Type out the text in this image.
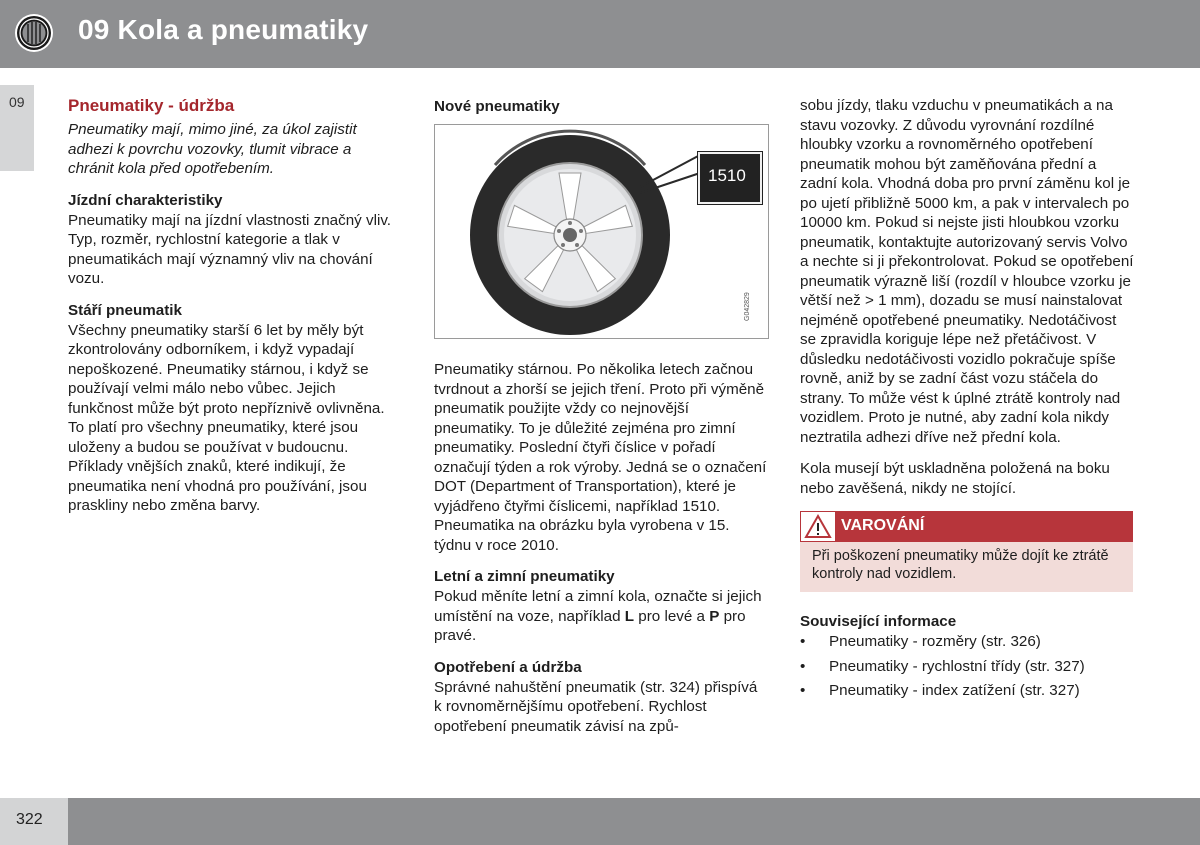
09 Kola a pneumatiky
09	Pneumatiky - údržba

Pneumatiky mají, mimo jiné, za úkol zajistit adhezi k povrchu vozovky, tlumit vibrace a chránit kola před opotřebením.

Jízdní charakteristiky

Pneumatiky mají na jízdní vlastnosti značný vliv. Typ, rozměr, rychlostní kategorie a tlak v pneumatikách mají významný vliv na chování vozu.

Stáří pneumatik

Všechny pneumatiky starší 6 let by měly být zkontrolovány odborníkem, i když vypadají nepoškozené. Pneumatiky stárnou, i když se používají velmi málo nebo vůbec. Jejich funkčnost může být proto nepříznivě ovlivněna. To platí pro všechny pneumatiky, které jsou uloženy a budou se používat v budoucnu. Příklady vnějších znaků, které indikují, že pneumatika není vhodná pro používání, jsou praskliny nebo změna barvy.

Nové pneumatiky
G042829
1510

Pneumatiky stárnou. Po několika letech začnou tvrdnout a zhorší se jejich tření. Proto při výměně pneumatik použijte vždy co nejnovější pneumatiky. To je důležité zejména pro zimní pneumatiky. Poslední čtyři číslice v pořadí označují týden a rok výroby. Jedná se o označení DOT (Department of Transportation), které je vyjádřeno čtyřmi číslicemi, například 1510. Pneumatika na obrázku byla vyrobena v 15. týdnu v roce 2010.

Letní a zimní pneumatiky

Pokud měníte letní a zimní kola, označte si jejich umístění na voze, například L pro levé a P pro pravé.

Opotřebení a údržba

Správné nahuštění pneumatik (str. 324) přispívá k rovnoměrnějšímu opotřebení. Rychlost opotřebení pneumatik závisí na způ-

sobu jízdy, tlaku vzduchu v pneumatikách a na stavu vozovky. Z důvodu vyrovnání rozdílné hloubky vzorku a rovnoměrného opotřebení pneumatik mohou být zaměňována přední a zadní kola. Vhodná doba pro první záměnu kol je po ujetí přibližně 5000 km, a pak v intervalech po 10000 km. Pokud si nejste jisti hloubkou vzorku pneumatik, kontaktujte autorizovaný servis Volvo a nechte si ji překontrolovat. Pokud se opotřebení pneumatik výrazně liší (rozdíl v hloubce vzorku je větší než > 1 mm), dozadu se musí nainstalovat nejméně opotřebené pneumatiky. Nedotáčivost se zpravidla koriguje lépe než přetáčivost. V důsledku nedotáčivosti vozidlo pokračuje spíše rovně, aniž by se zadní část vozu stáčela do strany. To může vést k úplné ztrátě kontroly nad vozidlem. Proto je nutné, aby zadní kola nikdy neztratila adhezi dříve než přední kola.

Kola musejí být uskladněna položená na boku nebo zavěšená, nikdy ne stojící.

VAROVÁNÍ
Při poškození pneumatiky může dojít ke ztrátě kontroly nad vozidlem.
Související informace
• Pneumatiky - rozměry (str. 326)
• Pneumatiky - rychlostní třídy (str. 327)
• Pneumatiky - index zatížení (str. 327)
322
